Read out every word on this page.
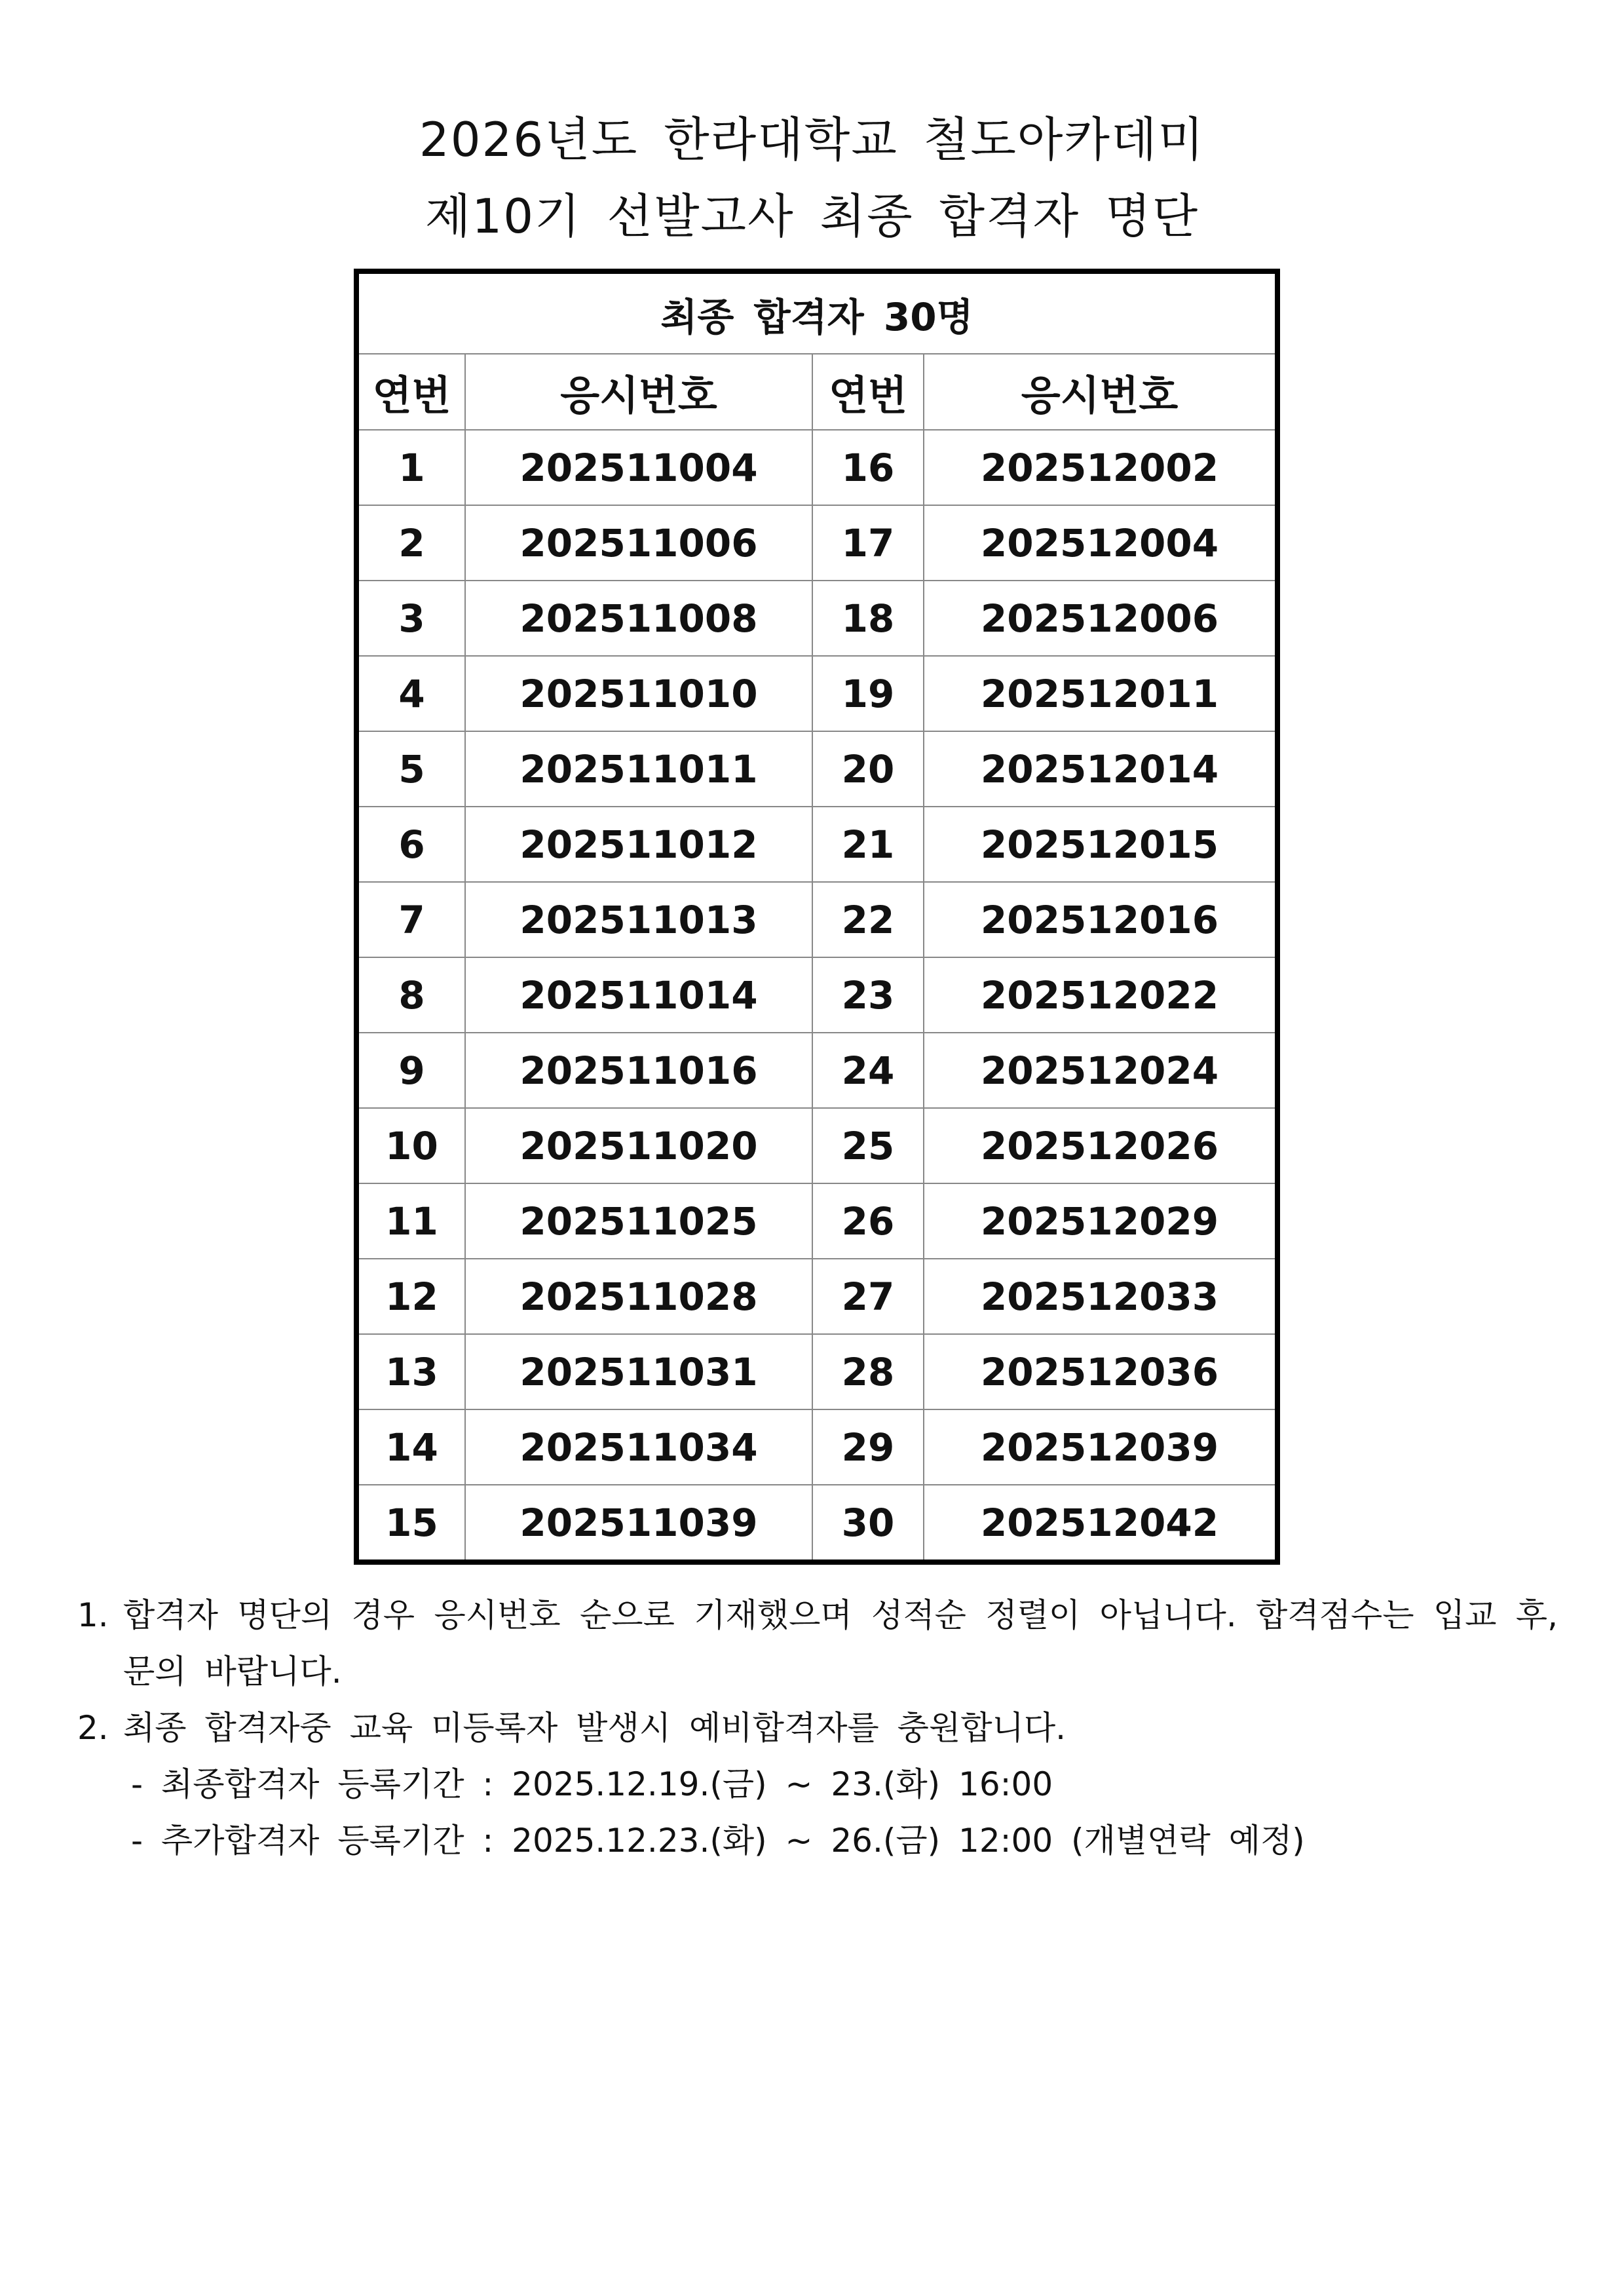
2026년도 한라대학교 철도아카데미
제10기 선발고사 최종 합격자 명단
최종 합격자 30명			
연번	응시번호	연번	응시번호
1	202511004	16	202512002
2	202511006	17	202512004
3	202511008	18	202512006
4	202511010	19	202512011
5	202511011	20	202512014
6	202511012	21	202512015
7	202511013	22	202512016
8	202511014	23	202512022
9	202511016	24	202512024
10	202511020	25	202512026
11	202511025	26	202512029
12	202511028	27	202512033
13	202511031	28	202512036
14	202511034	29	202512039
15	202511039	30	202512042
1. 합격자 명단의 경우 응시번호 순으로 기재했으며 성적순 정렬이 아닙니다. 합격점수는 입교 후, 문의 바랍니다.
2. 최종 합격자중 교육 미등록자 발생시 예비합격자를 충원합니다.
- 최종합격자 등록기간 : 2025.12.19.(금) ~ 23.(화) 16:00
- 추가합격자 등록기간 : 2025.12.23.(화) ~ 26.(금) 12:00 (개별연락 예정)
